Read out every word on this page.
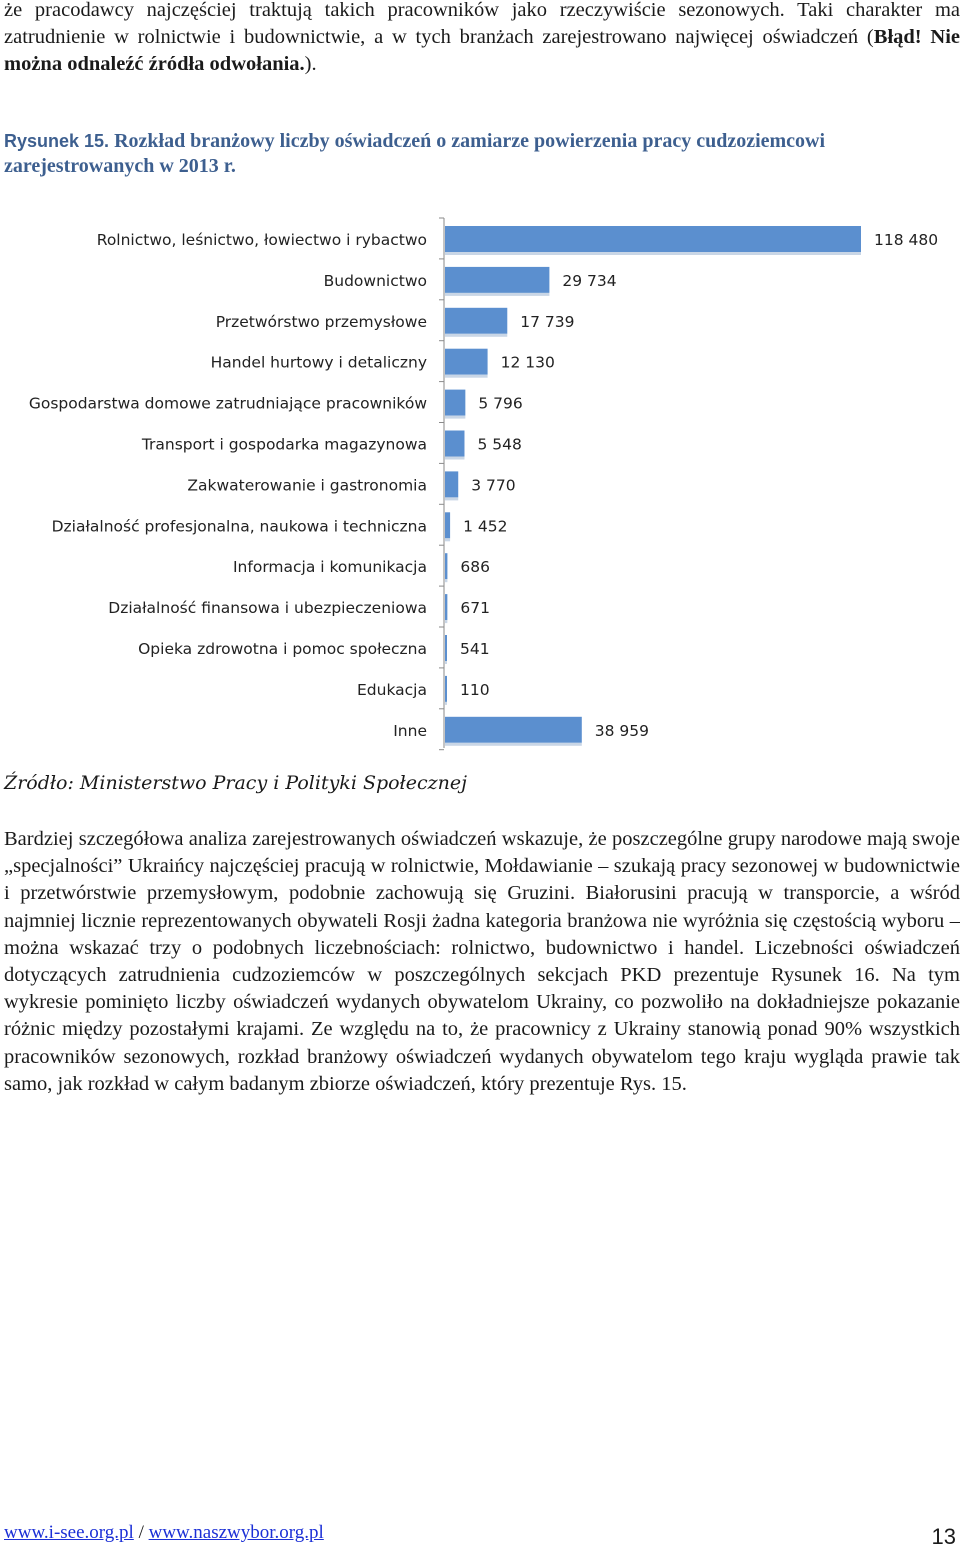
że pracodawcy najczęściej traktują takich pracowników jako rzeczywiście sezonowych. Taki charakter ma zatrudnienie w rolnictwie i budownictwie, a w tych branżach zarejestrowano najwięcej oświadczeń (Błąd! Nie można odnaleźć źródła odwołania.).

Rysunek 15. Rozkład branżowy liczby oświadczeń o zamiarze powierzenia pracy cudzoziemcowi zarejestrowanych w 2013 r.
Rolnictwo, leśnictwo, łowiectwo i rybactwo	118 480
Budownictwo	29 734
Przetwórstwo przemysłowe	17 739
Handel hurtowy i detaliczny	12 130
Gospodarstwa domowe zatrudniające pracowników	5 796
Transport i gospodarka magazynowa	5 548
Zakwaterowanie i gastronomia	3 770
Działalność profesjonalna, naukowa i techniczna 1 452
Informacja i komunikacja 686
Działalność finansowa i ubezpieczeniowa 671
Opieka zdrowotna i pomoc społeczna 541
Edukacja 110
Inne	38 959
Źródło: Ministerstwo Pracy i Polityki Społecznej

Bardziej szczegółowa analiza zarejestrowanych oświadczeń wskazuje, że poszczególne grupy narodowe mają swoje „specjalności” Ukraińcy najczęściej pracują w rolnictwie, Mołdawianie – szukają pracy sezonowej w budownictwie i przetwórstwie przemysłowym, podobnie zachowują się Gruzini. Białorusini pracują w transporcie, a wśród najmniej licznie reprezentowanych obywateli Rosji żadna kategoria branżowa nie wyróżnia się częstością wyboru – można wskazać trzy o podobnych liczebnościach: rolnictwo, budownictwo i handel. Liczebności oświadczeń dotyczących zatrudnienia cudzoziemców w poszczególnych sekcjach PKD prezentuje Rysunek 16. Na tym wykresie pominięto liczby oświadczeń wydanych obywatelom Ukrainy, co pozwoliło na dokładniejsze pokazanie różnic między pozostałymi krajami. Ze względu na to, że pracownicy z Ukrainy stanowią ponad 90% wszystkich pracowników sezonowych, rozkład branżowy oświadczeń wydanych obywatelom tego kraju wygląda prawie tak samo, jak rozkład w całym badanym zbiorze oświadczeń, który prezentuje Rys. 15.

www.i-see.org.pl / www.naszwybor.org.pl	13
